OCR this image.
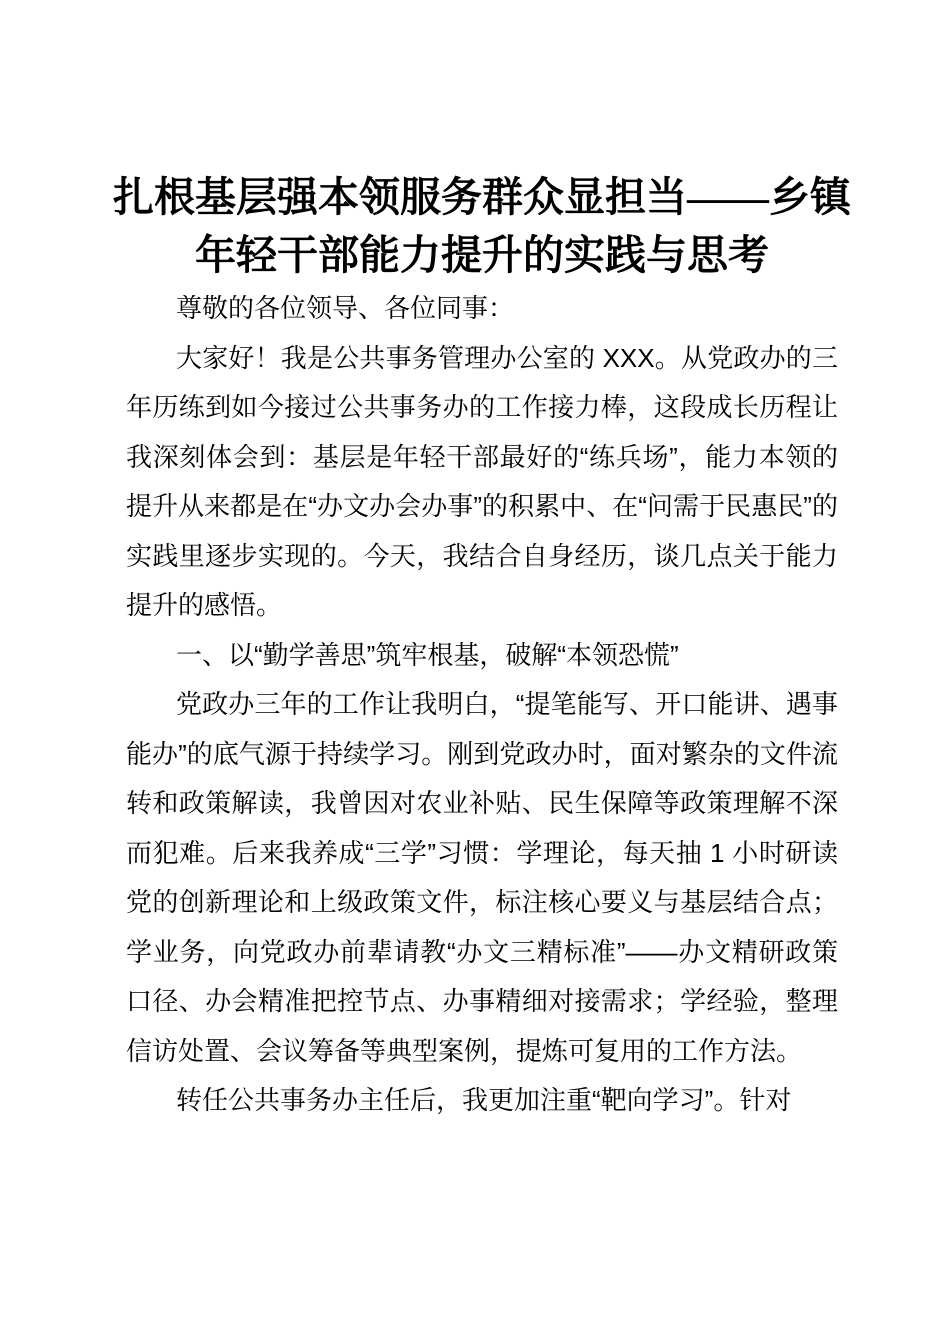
扎根基层强本领服务群众显担当——乡镇年轻干部能力提升的实践与思考

尊敬的各位领导、各位同事：

大家好！我是公共事务管理办公室的 XXX。从党政办的三年历练到如今接过公共事务办的工作接力棒，这段成长历程让我深刻体会到：基层是年轻干部最好的“练兵场”，能力本领的提升从来都是在“办文办会办事”的积累中、在“问需于民惠民”的实践里逐步实现的。今天，我结合自身经历，谈几点关于能力提升的感悟。

一、以“勤学善思”筑牢根基，破解“本领恐慌”

党政办三年的工作让我明白，“提笔能写、开口能讲、遇事能办”的底气源于持续学习。刚到党政办时，面对繁杂的文件流转和政策解读，我曾因对农业补贴、民生保障等政策理解不深而犯难。后来我养成“三学”习惯：学理论，每天抽 1 小时研读党的创新理论和上级政策文件，标注核心要义与基层结合点；学业务，向党政办前辈请教“办文三精标准”——办文精研政策口径、办会精准把控节点、办事精细对接需求；学经验，整理信访处置、会议筹备等典型案例，提炼可复用的工作方法。

转任公共事务办主任后，我更加注重“靶向学习”。针对
